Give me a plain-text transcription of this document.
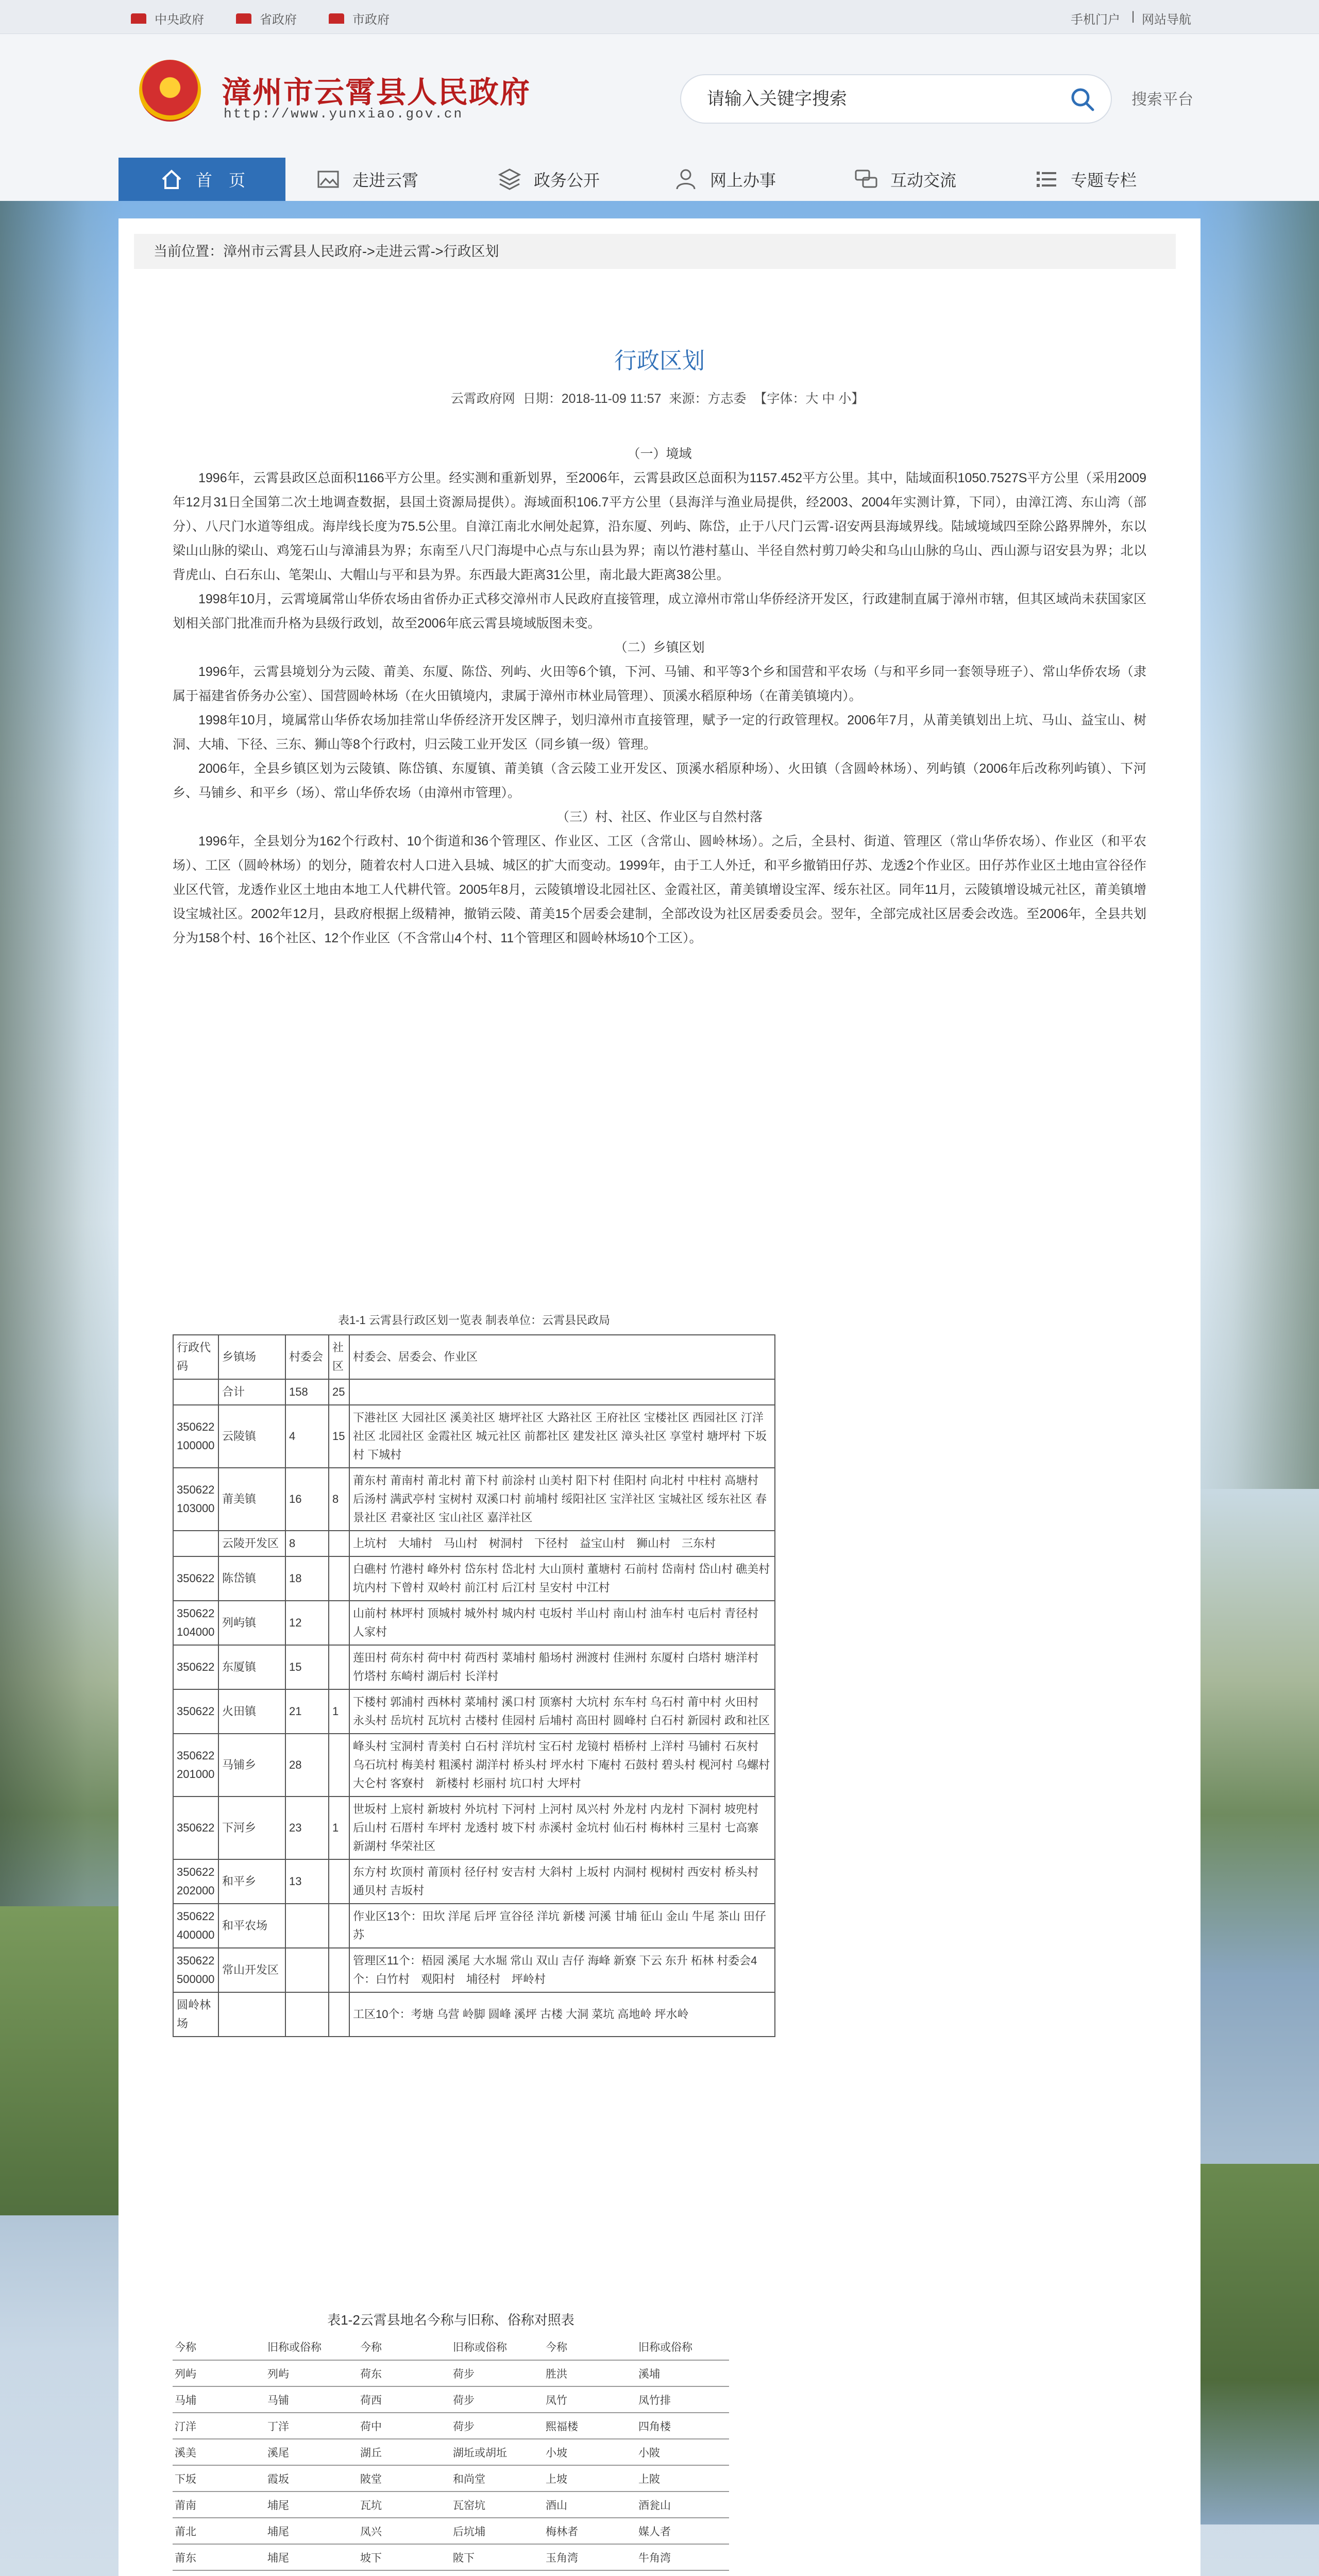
中央政府	省政府	市政府	手机门户 | 网站导航
漳州市云霄县人民政府
http://www.yunxiao.gov.cn
请输入关键字搜索
搜索平台
首　页	走进云霄	政务公开	网上办事	互动交流	专题专栏
当前位置：漳州市云霄县人民政府->走进云霄->行政区划
行政区划
云霄政府网 日期：2018-11-09 11:57 来源：方志委 【字体：大 中 小】
（一）境域

1996年，云霄县政区总面积1166平方公里。经实测和重新划界，至2006年，云霄县政区总面积为1157.452平方公里。其中，陆域面积1050.7527S平方公里（采用2009年12月31日全国第二次土地调查数据，县国土资源局提供）。海域面积106.7平方公里（县海洋与渔业局提供，经2003、2004年实测计算，下同），由漳江湾、东山湾（部分）、八尺门水道等组成。海岸线长度为75.5公里。自漳江南北水闸处起算，沿东厦、列屿、陈岱，止于八尺门云霄-诏安两县海域界线。陆域境域四至除公路界牌外，东以梁山山脉的梁山、鸡笼石山与漳浦县为界；东南至八尺门海堤中心点与东山县为界；南以竹港村墓山、半径自然村剪刀岭尖和乌山山脉的乌山、西山源与诏安县为界；北以背虎山、白石东山、笔架山、大帽山与平和县为界。东西最大距离31公里，南北最大距离38公里。

1998年10月，云霄境属常山华侨农场由省侨办正式移交漳州市人民政府直接管理，成立漳州市常山华侨经济开发区，行政建制直属于漳州市辖，但其区域尚未获国家区划相关部门批准而升格为县级行政划，故至2006年底云霄县境域版图未变。

（二）乡镇区划

1996年，云霄县境划分为云陵、莆美、东厦、陈岱、列屿、火田等6个镇，下河、马铺、和平等3个乡和国营和平农场（与和平乡同一套领导班子）、常山华侨农场（隶属于福建省侨务办公室）、国营圆岭林场（在火田镇境内，隶属于漳州市林业局管理）、顶溪水稻原种场（在莆美镇境内）。

1998年10月，境属常山华侨农场加挂常山华侨经济开发区牌子，划归漳州市直接管理，赋予一定的行政管理权。2006年7月，从莆美镇划出上坑、马山、益宝山、树洞、大埔、下径、三东、狮山等8个行政村，归云陵工业开发区（同乡镇一级）管理。

2006年，全县乡镇区划为云陵镇、陈岱镇、东厦镇、莆美镇（含云陵工业开发区、顶溪水稻原种场）、火田镇（含圆岭林场）、列屿镇（2006年后改称列屿镇）、下河乡、马铺乡、和平乡（场）、常山华侨农场（由漳州市管理）。

（三）村、社区、作业区与自然村落

1996年，全县划分为162个行政村、10个街道和36个管理区、作业区、工区（含常山、圆岭林场）。之后，全县村、街道、管理区（常山华侨农场）、作业区（和平农场）、工区（圆岭林场）的划分，随着农村人口进入县城、城区的扩大而变动。1999年，由于工人外迁，和平乡撤销田仔苏、龙透2个作业区。田仔苏作业区土地由宣谷径作业区代管，龙透作业区土地由本地工人代耕代管。2005年8月，云陵镇增设北园社区、金霞社区，莆美镇增设宝浑、绥东社区。同年11月，云陵镇增设城元社区，莆美镇增设宝城社区。2002年12月，县政府根据上级精神，撤销云陵、莆美15个居委会建制，全部改设为社区居委委员会。翌年，全部完成社区居委会改选。至2006年，全县共划分为158个村、16个社区、12个作业区（不含常山4个村、11个管理区和圆岭林场10个工区）。

表1-1 云霄县行政区划一览表 制表单位：云霄县民政局
行政代码	乡镇场	村委会	社区	村委会、居委会、作业区
	合计	158	25	
350622 100000	云陵镇	4	15	下港社区 大园社区 溪美社区 塘坪社区 大路社区 王府社区 宝楼社区 西园社区 汀洋社区 北园社区 金霞社区 城元社区 前都社区 建发社区 漳头社区 享堂村 塘坪村 下坂村 下城村
350622 103000	莆美镇	16	8	莆东村 莆南村 莆北村 莆下村 前涂村 山美村 阳下村 佳阳村 向北村 中柱村 高塘村 后汤村 满武亭村 宝树村 双溪口村 前埔村 绥阳社区 宝洋社区 宝城社区 绥东社区 春景社区 君豪社区 宝山社区 嘉洋社区
	云陵开发区	8		上坑村　大埔村　马山村　树洞村　下径村　益宝山村　狮山村　三东村
350622	陈岱镇	18		白礁村 竹港村 峰外村 岱东村 岱北村 大山顶村 董塘村 石前村 岱南村 岱山村 礁美村 坑内村 下曾村 双岭村 前江村 后江村 呈安村 中江村
350622 104000	列屿镇	12		山前村 林坪村 顶城村 城外村 城内村 屯坂村 半山村 南山村 油车村 屯后村 青径村 人家村
350622	东厦镇	15		莲田村 荷东村 荷中村 荷西村 菜埔村 船场村 洲渡村 佳洲村 东厦村 白塔村 塘洋村 竹塔村 东崎村 湖后村 长洋村
350622	火田镇	21	1	下楼村 郭浦村 西林村 菜埔村 溪口村 顶寨村 大坑村 东车村 乌石村 莆中村 火田村 永头村 岳坑村 瓦坑村 古楼村 佳园村 后埔村 高田村 圆峰村 白石村 新园村 政和社区
350622 201000	马铺乡	28		峰头村 宝洞村 青美村 白石村 洋坑村 宝石村 龙镜村 梧桥村 上洋村 马铺村 石灰村 乌石坑村 梅美村 粗溪村 湖洋村 桥头村 坪水村 下庵村 石鼓村 碧头村 枧河村 乌螺村 大仑村 客寮村　新楼村 杉丽村 坑口村 大坪村
350622	下河乡	23	1	世坂村 上宸村 新坡村 外坑村 下河村 上河村 凤兴村 外龙村 内龙村 下洞村 坡兜村 后山村 石厝村 车坪村 龙透村 坡下村 赤溪村 金坑村 仙石村 梅林村 三星村 七高寨 新湖村 华荣社区
350622 202000	和平乡	13		东方村 坎顶村 莆顶村 径仔村 安吉村 大斜村 上坂村 内洞村 枧树村 西安村 桥头村 通贝村 吉坂村
350622 400000	和平农场			作业区13个：田坎 洋尾 后坪 宣谷径 洋坑 新楼 河溪 甘埔 征山 金山 牛尾 茶山 田仔苏
350622 500000	常山开发区			管理区11个：梧园 溪尾 大水堀 常山 双山 吉仔 海峰 新寮 下云 东升 柘林 村委会4个：白竹村　观阳村　埔径村　坪岭村
圆岭林场				工区10个：考塘 乌营 岭脚 圆峰 溪坪 古楼 大洞 菜坑 高地岭 坪水岭
表1-2云霄县地名今称与旧称、俗称对照表
今称	旧称或俗称	今称	旧称或俗称	今称	旧称或俗称
列屿	列屿	荷东	荷步	胜洪	溪埔
马埔	马铺	荷西	荷步	凤竹	凤竹排
汀洋	丁洋	荷中	荷步	熙福楼	四角楼
溪美	溪尾	湖丘	湖坵或胡坵	小坡	小陂
下坂	霞坂	陂堂	和尚堂	上坡	上陂
莆南	埔尾	瓦坑	瓦窑坑	酒山	酒瓮山
莆北	埔尾	凤兴	后坑埔	梅林者	媒人者
莆东	埔尾	坡下	陂下	玉角湾	牛角湾
